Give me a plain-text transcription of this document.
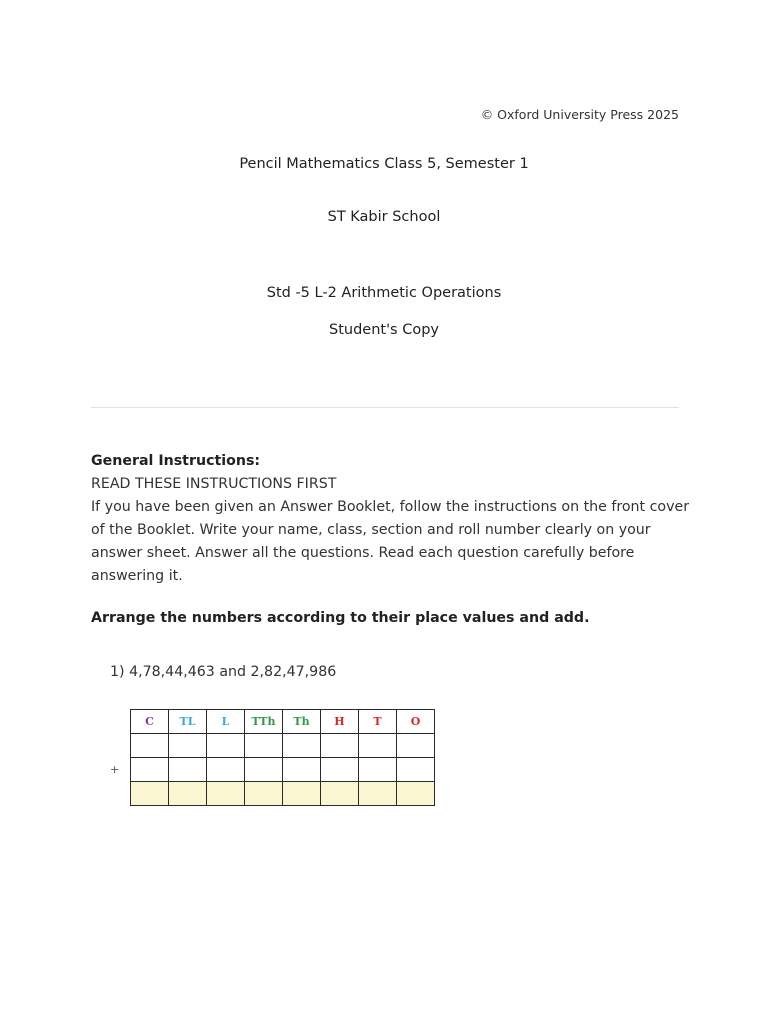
© Oxford University Press 2025
Pencil Mathematics Class 5, Semester 1
ST Kabir School
Std -5 L-2 Arithmetic Operations
Student's Copy
General Instructions:
READ THESE INSTRUCTIONS FIRST
If you have been given an Answer Booklet, follow the instructions on the front cover of the Booklet. Write your name, class, section and roll number clearly on your answer sheet. Answer all the questions. Read each question carefully before answering it.
Arrange the numbers according to their place values and add.
1) 4,78,44,463 and 2,82,47,986
+
C	TL	L	TTh	Th	H	T	O
